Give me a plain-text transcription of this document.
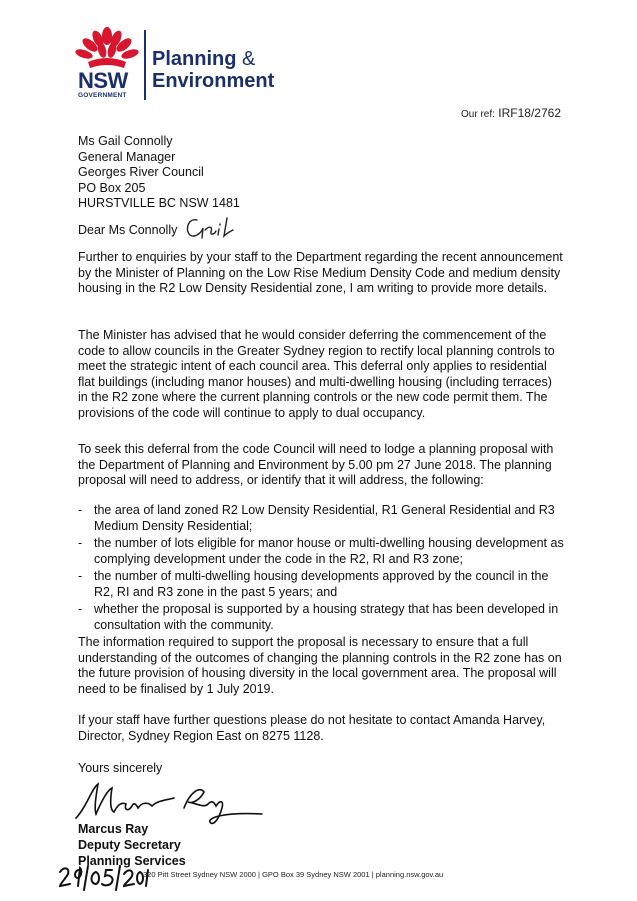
NSW
GOVERNMENT
Planning &
Environment
Our ref: IRF18/2762
Ms Gail Connolly
General Manager
Georges River Council
PO Box 205
HURSTVILLE BC NSW 1481
Dear Ms Connolly
Further to enquiries by your staff to the Department regarding the recent announcement by the Minister of Planning on the Low Rise Medium Density Code and medium density housing in the R2 Low Density Residential zone, I am writing to provide more details.
The Minister has advised that he would consider deferring the commencement of the code to allow councils in the Greater Sydney region to rectify local planning controls to meet the strategic intent of each council area. This deferral only applies to residential flat buildings (including manor houses) and multi-dwelling housing (including terraces) in the R2 zone where the current planning controls or the new code permit them. The provisions of the code will continue to apply to dual occupancy.
To seek this deferral from the code Council will need to lodge a planning proposal with the Department of Planning and Environment by 5.00 pm 27 June 2018. The planning proposal will need to address, or identify that it will address, the following:
- the area of land zoned R2 Low Density Residential, R1 General Residential and R3 Medium Density Residential;
- the number of lots eligible for manor house or multi-dwelling housing development as complying development under the code in the R2, RI and R3 zone;
- the number of multi-dwelling housing developments approved by the council in the R2, RI and R3 zone in the past 5 years; and
- whether the proposal is supported by a housing strategy that has been developed in consultation with the community.
The information required to support the proposal is necessary to ensure that a full understanding of the outcomes of changing the planning controls in the R2 zone has on the future provision of housing diversity in the local government area. The proposal will need to be finalised by 1 July 2019.
If your staff have further questions please do not hesitate to contact Amanda Harvey, Director, Sydney Region East on 8275 1128.
Yours sincerely
Marcus Ray
Deputy Secretary
Planning Services
320 Pitt Street Sydney NSW 2000 | GPO Box 39 Sydney NSW 2001 | planning.nsw.gov.au
